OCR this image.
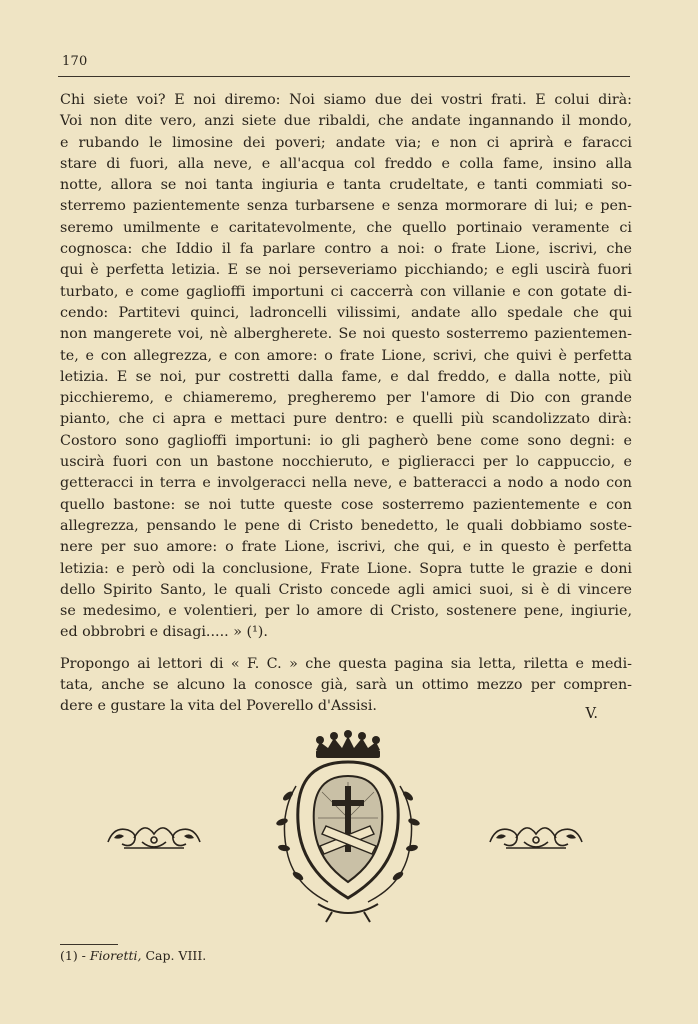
170

Chi siete voi? E noi diremo: Noi siamo due dei vostri frati. E colui dirà:
Voi non dite vero, anzi siete due ribaldi, che andate ingannando il mondo,
e rubando le limosine dei poveri; andate via; e non ci aprirà e faracci
stare di fuori, alla neve, e all'acqua col freddo e colla fame, insino alla
notte, allora se noi tanta ingiuria e tanta crudeltate, e tanti commiati so-
sterremo pazientemente senza turbarsene e senza mormorare di lui; e pen-
seremo umilmente e caritatevolmente, che quello portinaio veramente ci
cognosca: che Iddio il fa parlare contro a noi: o frate Lione, iscrivi, che
qui è perfetta letizia. E se noi perseveriamo picchiando; e egli uscirà fuori
turbato, e come gaglioffi importuni ci caccerrà con villanie e con gotate di-
cendo: Partitevi quinci, ladroncelli vilissimi, andate allo spedale che qui
non mangerete voi, nè albergherete. Se noi questo sosterremo pazientemen-
te, e con allegrezza, e con amore: o frate Lione, scrivi, che quivi è perfetta
letizia. E se noi, pur costretti dalla fame, e dal freddo, e dalla notte, più
picchieremo, e chiameremo, pregheremo per l'amore di Dio con grande
pianto, che ci apra e mettaci pure dentro: e quelli più scandolizzato dirà:
Costoro sono gaglioffi importuni: io gli pagherò bene come sono degni: e
uscirà fuori con un bastone nocchieruto, e piglieracci per lo cappuccio, e
getteracci in terra e involgeracci nella neve, e batteracci a nodo a nodo con
quello bastone: se noi tutte queste cose sosterremo pazientemente e con
allegrezza, pensando le pene di Cristo benedetto, le quali dobbiamo soste-
nere per suo amore: o frate Lione, iscrivi, che qui, e in questo è perfetta
letizia: e però odi la conclusione, Frate Lione. Sopra tutte le grazie e doni
dello Spirito Santo, le quali Cristo concede agli amici suoi, si è di vincere
se medesimo, e volentieri, per lo amore di Cristo, sostenere pene, ingiurie,
ed obbrobri e disagi..... » (¹).

Propongo ai lettori di « F. C. » che questa pagina sia letta, riletta e medi-
tata, anche se alcuno la conosce già, sarà un ottimo mezzo per compren-
dere e gustare la vita del Poverello d'Assisi.	V.
(1) - Fioretti, Cap. VIII.
